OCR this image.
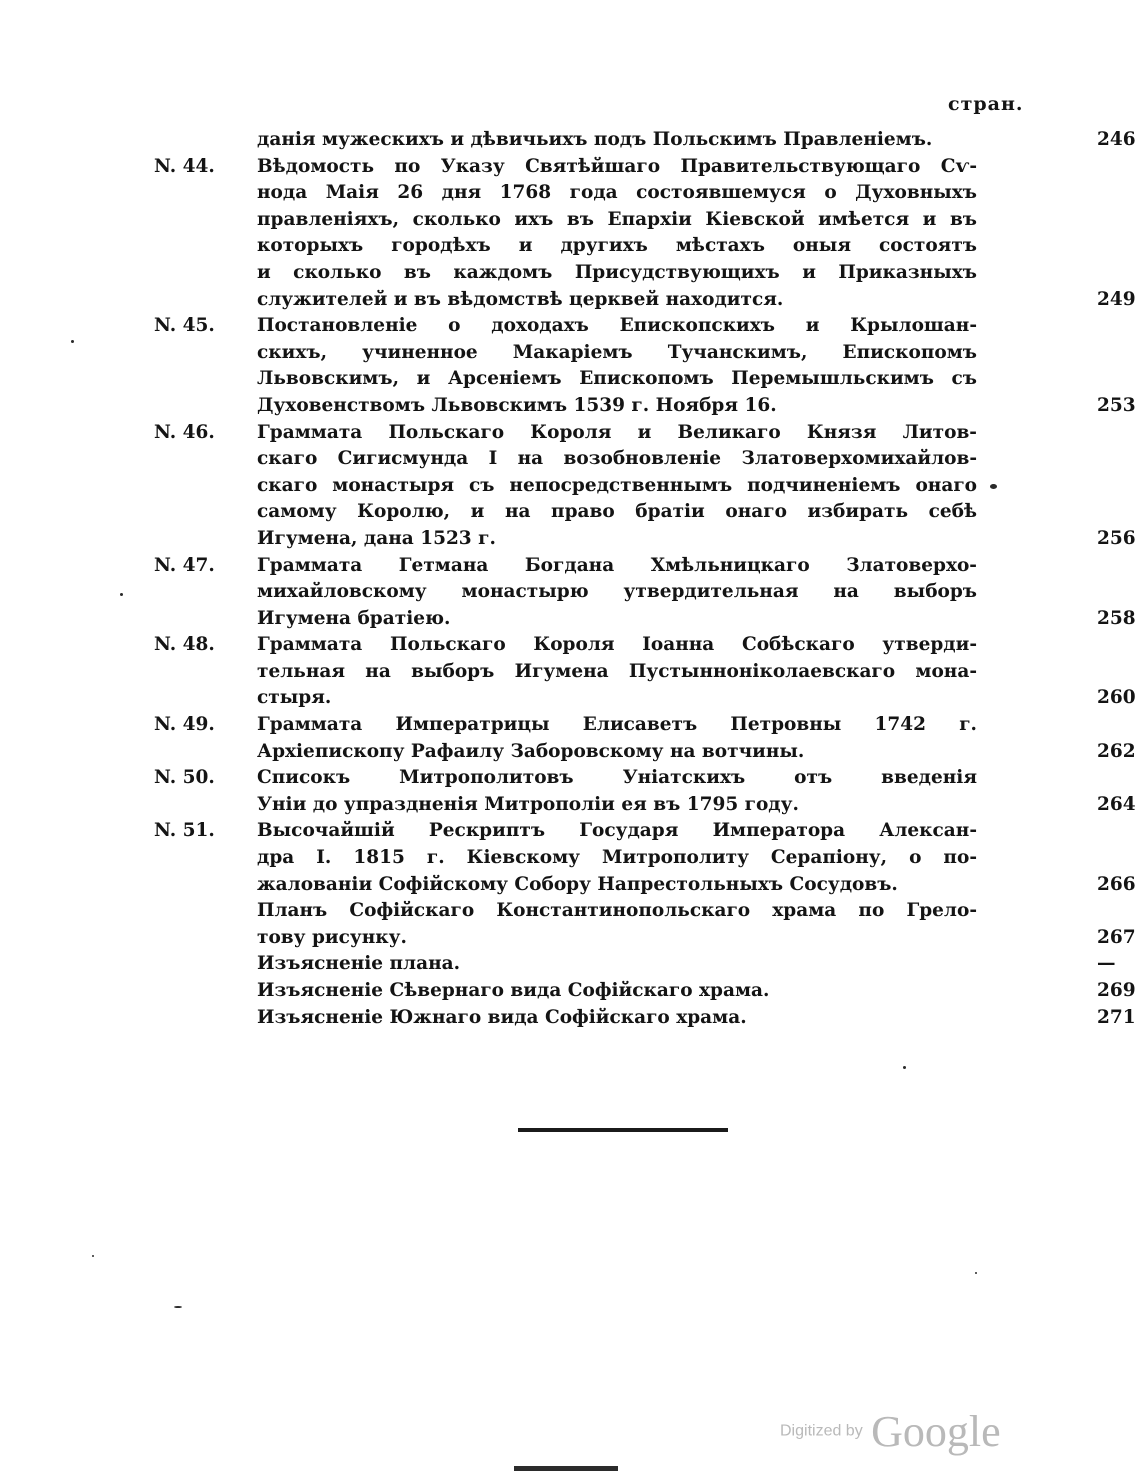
стран.
данія мужескихъ и дѣвичьихъ подъ Польскимъ Правленіемъ.	246
N. 44. Вѣдомость по Указу Святѣйшаго Правительствующаго Сѵ-
нода Маія 26 дня 1768 года состоявшемуся о Духовныхъ
правленіяхъ, сколько ихъ въ Епархіи Кіевской имѣется и въ
которыхъ городѣхъ и другихъ мѣстахъ оныя состоятъ
и сколько въ каждомъ Присудствующихъ и Приказныхъ
служителей и въ вѣдомствѣ церквей находится.	249
N. 45. Постановленіе о доходахъ Епископскихъ и Крылошан-
скихъ, учиненное Макаріемъ Тучанскимъ, Епископомъ
Львовскимъ, и Арсеніемъ Епископомъ Перемышльскимъ съ
Духовенствомъ Львовскимъ 1539 г. Ноября 16.	253
N. 46. Граммата Польскаго Короля и Великаго Князя Литов-
скаго Сигисмунда I на возобновленіе Златоверхомихайлов-
скаго монастыря съ непосредственнымъ подчиненіемъ онаго
самому Королю, и на право братіи онаго избирать себѣ
Игумена, дана 1523 г.	256
N. 47. Граммата Гетмана Богдана Хмѣльницкаго Златоверхо-
михайловскому монастырю утвердительная на выборъ
Игумена братіею.	258
N. 48. Граммата Польскаго Короля Іоанна Собѣскаго утверди-
тельная на выборъ Игумена Пустынноніколаевскаго мона-
стыря.	260
N. 49. Граммата Императрицы Елисаветъ Петровны 1742 г.
Архіепископу Рафаилу Заборовскому на вотчины.	262
N. 50. Списокъ Митрополитовъ Уніатскихъ отъ введенія
Уніи до упраздненія Митрополіи ея въ 1795 году.	264
N. 51. Высочайшій Рескриптъ Государя Императора Алексан-
дра I. 1815 г. Кіевскому Митрополиту Серапіону, о по-
жалованіи Софійскому Собору Напрестольныхъ Сосудовъ.	266
Планъ Софійскаго Константинопольскаго храма по Грело-
тову рисунку.	267
Изъясненіе плана.	—
Изъясненіе Сѣвернаго вида Софійскаго храма.	269
Изъясненіе Южнаго вида Софійскаго храма.	271
Digitized by Google
